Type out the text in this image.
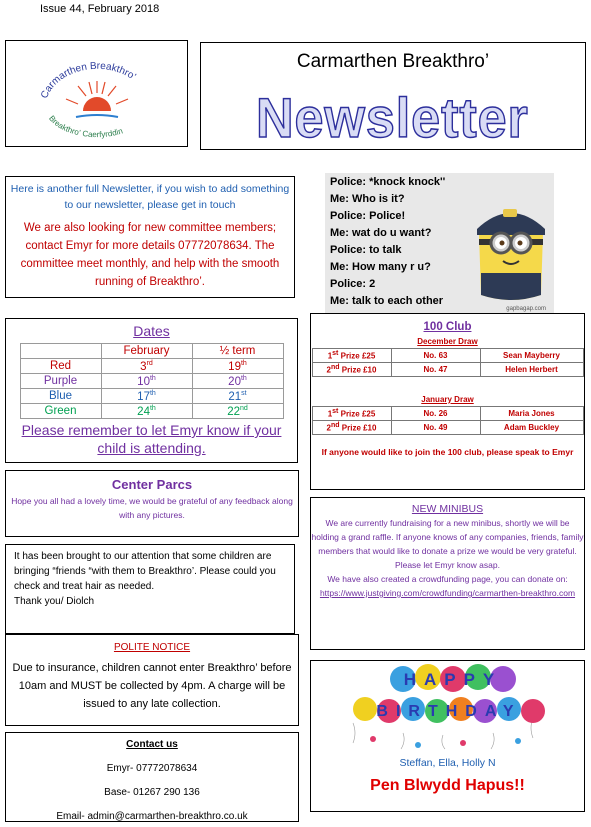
Issue 44, February 2018
Carmarthen Breakthro'
Breakthro' Caerfyrddin
Carmarthen Breakthro’
Newsletter
Here is another full Newsletter, if you wish to add something to our newsletter, please get in touch
We are also looking for new committee members; contact Emyr for more details 07772078634. The committee meet monthly, and help with the smooth running of Breakthro’.

Police: *knock knock''

Me: Who is it?

Police: Police!

Me: wat do u want?

Police: to talk

Me: How many r u?

Police: 2

Me: talk to each other

gapbagap.com
Dates
	February	½ term
Red	3rd	19th
Purple	10th	20th
Blue	17th	21st
Green	24th	22nd
Please remember to let Emyr know if your child is attending.
Center Parcs
Hope you all had a lovely time, we would be grateful of any feedback along with any pictures.
It has been brought to our attention that some children are bringing “friends “with them to Breakthro’. Please could you check and treat hair as needed.
Thank you/ Diolch
POLITE NOTICE
Due to insurance, children cannot enter Breakthro’ before 10am and MUST be collected by 4pm. A charge will be issued to any late collection.
Contact us

Emyr- 07772078634

Base- 01267 290 136

Email- admin@carmarthen-breakthro.co.uk

100 Club
December Draw
1st Prize £25	No. 63	Sean Mayberry
2nd Prize £10	No. 47	Helen Herbert
January Draw
1st Prize £25	No. 26	Maria Jones
2nd Prize £10	No. 49	Adam Buckley
If anyone would like to join the 100 club, please speak to Emyr
NEW MINIBUS
We are currently fundraising for a new minibus, shortly we will be holding a grand raffle. If anyone knows of any companies, friends, family members that would like to donate a prize we would be very grateful. Please let Emyr know asap.
We have also created a crowdfunding page, you can donate on:
https://www.justgiving.com/crowdfunding/carmarthen-breakthro.com
HAPPY
BIRTHDAY
Steffan, Ella, Holly N
Pen Blwydd Hapus!!
